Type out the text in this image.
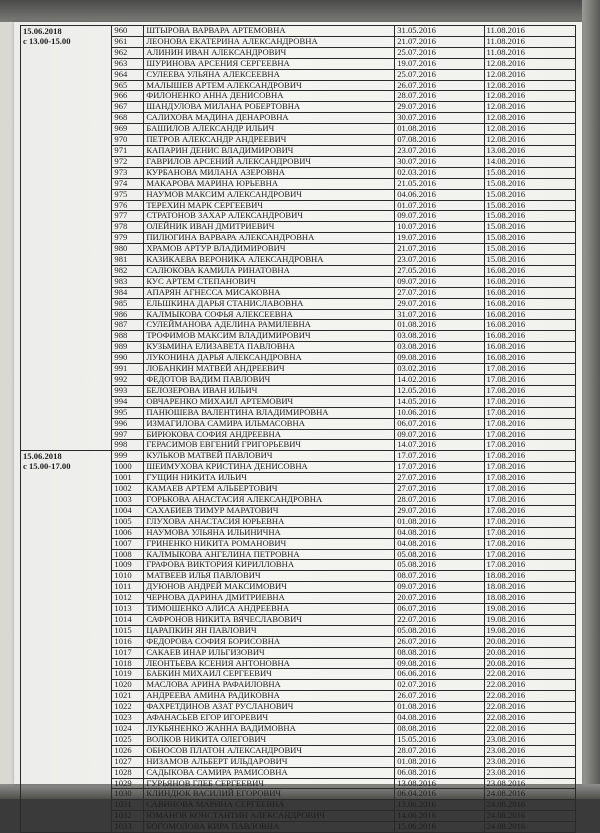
15.06.2018
с 13.00-15.00	960	ШТЫРОВА ВАРВАРА АРТЕМОВНА	31.05.2016	11.08.2016
	961	ЛЕОНОВА ЕКАТЕРИНА АЛЕКСАНДРОВНА	21.07.2016	11.08.2016
	962	АЛИНИН ИВАН АЛЕКСАНДРОВИЧ	25.07.2016	11.08.2016
	963	ШУРИНОВА АРСЕНИЯ СЕРГЕЕВНА	19.07.2016	12.08.2016
	964	СУЛЕЕВА УЛЬЯНА АЛЕКСЕЕВНА	25.07.2016	12.08.2016
	965	МАЛЫШЕВ АРТЕМ АЛЕКСАНДРОВИЧ	26.07.2016	12.08.2016
	966	ФИЛОНЕНКО АННА ДЕНИСОВНА	28.07.2016	12.08.2016
	967	ШАНДУЛОВА МИЛАНА РОБЕРТОВНА	29.07.2016	12.08.2016
	968	САЛИХОВА МАДИНА ДЕНАРОВНА	30.07.2016	12.08.2016
	969	БАШИЛОВ АЛЕКСАНДР ИЛЬИЧ	01.08.2016	12.08.2016
	970	ПЕТРОВ АЛЕКСАНДР АНДРЕЕВИЧ	07.08.2016	12.08.2016
	971	КАПАРИН ДЕНИС ВЛАДИМИРОВИЧ	23.07.2016	13.08.2016
	972	ГАВРИЛОВ АРСЕНИЙ АЛЕКСАНДРОВИЧ	30.07.2016	14.08.2016
	973	КУРБАНОВА МИЛАНА АЗЕРОВНА	02.03.2016	15.08.2016
	974	МАКАРОВА МАРИНА ЮРЬЕВНА	21.05.2016	15.08.2016
	975	НАУМОВ МАКСИМ АЛЕКСАНДРОВИЧ	04.06.2016	15.08.2016
	976	ТЕРЕХИН МАРК СЕРГЕЕВИЧ	01.07.2016	15.08.2016
	977	СТРАТОНОВ ЗАХАР АЛЕКСАНДРОВИЧ	09.07.2016	15.08.2016
	978	ОЛЕЙНИК ИВАН ДМИТРИЕВИЧ	10.07.2016	15.08.2016
	979	ПИЛЮГИНА ВАРВАРА АЛЕКСАНДРОВНА	19.07.2016	15.08.2016
	980	ХРАМОВ АРТУР ВЛАДИМИРОВИЧ	21.07.2016	15.08.2016
	981	КАЗИКАЕВА ВЕРОНИКА АЛЕКСАНДРОВНА	23.07.2016	15.08.2016
	982	САЛЮКОВА КАМИЛА РИНАТОВНА	27.05.2016	16.08.2016
	983	КУС АРТЕМ СТЕПАНОВИЧ	09.07.2016	16.08.2016
	984	АПАРЯН АГНЕССА МИСАКОВНА	27.07.2016	16.08.2016
	985	ЕЛЬШКИНА ДАРЬЯ СТАНИСЛАВОВНА	29.07.2016	16.08.2016
	986	КАЛМЫКОВА СОФЬЯ АЛЕКСЕЕВНА	31.07.2016	16.08.2016
	987	СУЛЕЙМАНОВА АДЕЛИНА РАМИЛЕВНА	01.08.2016	16.08.2016
	988	ТРОФИМОВ МАКСИМ ВЛАДИМИРОВИЧ	03.08.2016	16.08.2016
	989	КУЗЬМИНА ЕЛИЗАВЕТА ПАВЛОВНА	03.08.2016	16.08.2016
	990	ЛУКОНИНА ДАРЬЯ АЛЕКСАНДРОВНА	09.08.2016	16.08.2016
	991	ЛОБАНКИН МАТВЕЙ АНДРЕЕВИЧ	03.02.2016	17.08.2016
	992	ФЕДОТОВ ВАДИМ ПАВЛОВИЧ	14.02.2016	17.08.2016
	993	БЕЛОЗЕРОВА ИВАН ИЛЬИЧ	12.05.2016	17.08.2016
	994	ОВЧАРЕНКО МИХАИЛ АРТЕМОВИЧ	14.05.2016	17.08.2016
	995	ПАНЮШЕВА ВАЛЕНТИНА ВЛАДИМИРОВНА	10.06.2016	17.08.2016
	996	ИЗМАГИЛОВА САМИРА ИЛЬМАСОВНА	06.07.2016	17.08.2016
	997	БИРЮКОВА СОФИЯ АНДРЕЕВНА	09.07.2016	17.08.2016
	998	ГЕРАСИМОВ ЕВГЕНИЙ ГРИГОРЬЕВИЧ	14.07.2016	17.08.2016

15.06.2018
с 15.00-17.00	999	КУЛЬКОВ МАТВЕЙ ПАВЛОВИЧ	17.07.2016	17.08.2016
	1000	ШЕИМУХОВА КРИСТИНА ДЕНИСОВНА	17.07.2016	17.08.2016
	1001	ГУЩИН НИКИТА ИЛЬИЧ	27.07.2016	17.08.2016
	1002	КАМАЕВ АРТЕМ АЛЬБЕРТОВИЧ	27.07.2016	17.08.2016
	1003	ГОРЬКОВА АНАСТАСИЯ АЛЕКСАНДРОВНА	28.07.2016	17.08.2016
	1004	САХАБИЕВ ТИМУР МАРАТОВИЧ	29.07.2016	17.08.2016
	1005	ГЛУХОВА АНАСТАСИЯ ЮРЬЕВНА	01.08.2016	17.08.2016
	1006	НАУМОВА УЛЬЯНА ИЛЬИНИЧНА	04.08.2016	17.08.2016
	1007	ГРИНЕНКО НИКИТА РОМАНОВИЧ	04.08.2016	17.08.2016
	1008	КАЛМЫКОВА АНГЕЛИНА ПЕТРОВНА	05.08.2016	17.08.2016
	1009	ГРАФОВА ВИКТОРИЯ КИРИЛЛОВНА	05.08.2016	17.08.2016
	1010	МАТВЕЕВ ИЛЬЯ ПАВЛОВИЧ	08.07.2016	18.08.2016
	1011	ДУЮНОВ АНДРЕЙ МАКСИМОВИЧ	09.07.2016	18.08.2016
	1012	ЧЕРНОВА ДАРИНА ДМИТРИЕВНА	20.07.2016	18.08.2016
	1013	ТИМОШЕНКО АЛИСА АНДРЕЕВНА	06.07.2016	19.08.2016
	1014	САФРОНОВ НИКИТА ВЯЧЕСЛАВОВИЧ	22.07.2016	19.08.2016
	1015	ЦАРАПКИН ЯН ПАВЛОВИЧ	05.08.2016	19.08.2016
	1016	ФЕДОРОВА СОФИЯ БОРИСОВНА	26.07.2016	20.08.2016
	1017	САКАЕВ ИНАР ИЛЬГИЗОВИЧ	08.08.2016	20.08.2016
	1018	ЛЕОНТЬЕВА КСЕНИЯ АНТОНОВНА	09.08.2016	20.08.2016
	1019	БАБКИН МИХАИЛ СЕРГЕЕВИЧ	06.06.2016	22.08.2016
	1020	МАСЛОВА АРИНА РАФАИЛОВНА	02.07.2016	22.08.2016
	1021	АНДРЕЕВА АМИНА РАДИКОВНА	26.07.2016	22.08.2016
	1022	ФАХРЕТДИНОВ АЗАТ РУСЛАНОВИЧ	01.08.2016	22.08.2016
	1023	АФАНАСЬЕВ ЕГОР ИГОРЕВИЧ	04.08.2016	22.08.2016
	1024	ЛУКЬЯНЕНКО ЖАННА ВАДИМОВНА	08.08.2016	22.08.2016
	1025	ВОЛКОВ НИКИТА ОЛЕГОВИЧ	15.05.2016	23.08.2016
	1026	ОБНОСОВ ПЛАТОН АЛЕКСАНДРОВИЧ	28.07.2016	23.08.2016
	1027	НИЗАМОВ АЛЬБЕРТ ИЛЬДАРОВИЧ	01.08.2016	23.08.2016
	1028	САДЫКОВА САМИРА РАМИСОВНА	06.08.2016	23.08.2016
	1029	ГУРЬЯНОВ ГЛЕБ СЕРГЕЕВИЧ	13.08.2016	23.08.2016
	1030	КЛИНДЮК ВАСИЛИЙ ЕГОРОВИЧ	06.04.2016	24.08.2016
	1031	САВИНОВА МАРИНА СЕРГЕЕВНА	13.06.2016	24.08.2016
	1032	ЮМАНОВ КОНСТАНТИН АЛЕКСАНДРОВИЧ	14.06.2016	24.08.2016
	1033	БОГОМОЛОВА КИРА ПАВЛОВНА	15.06.2016	24.08.2016
